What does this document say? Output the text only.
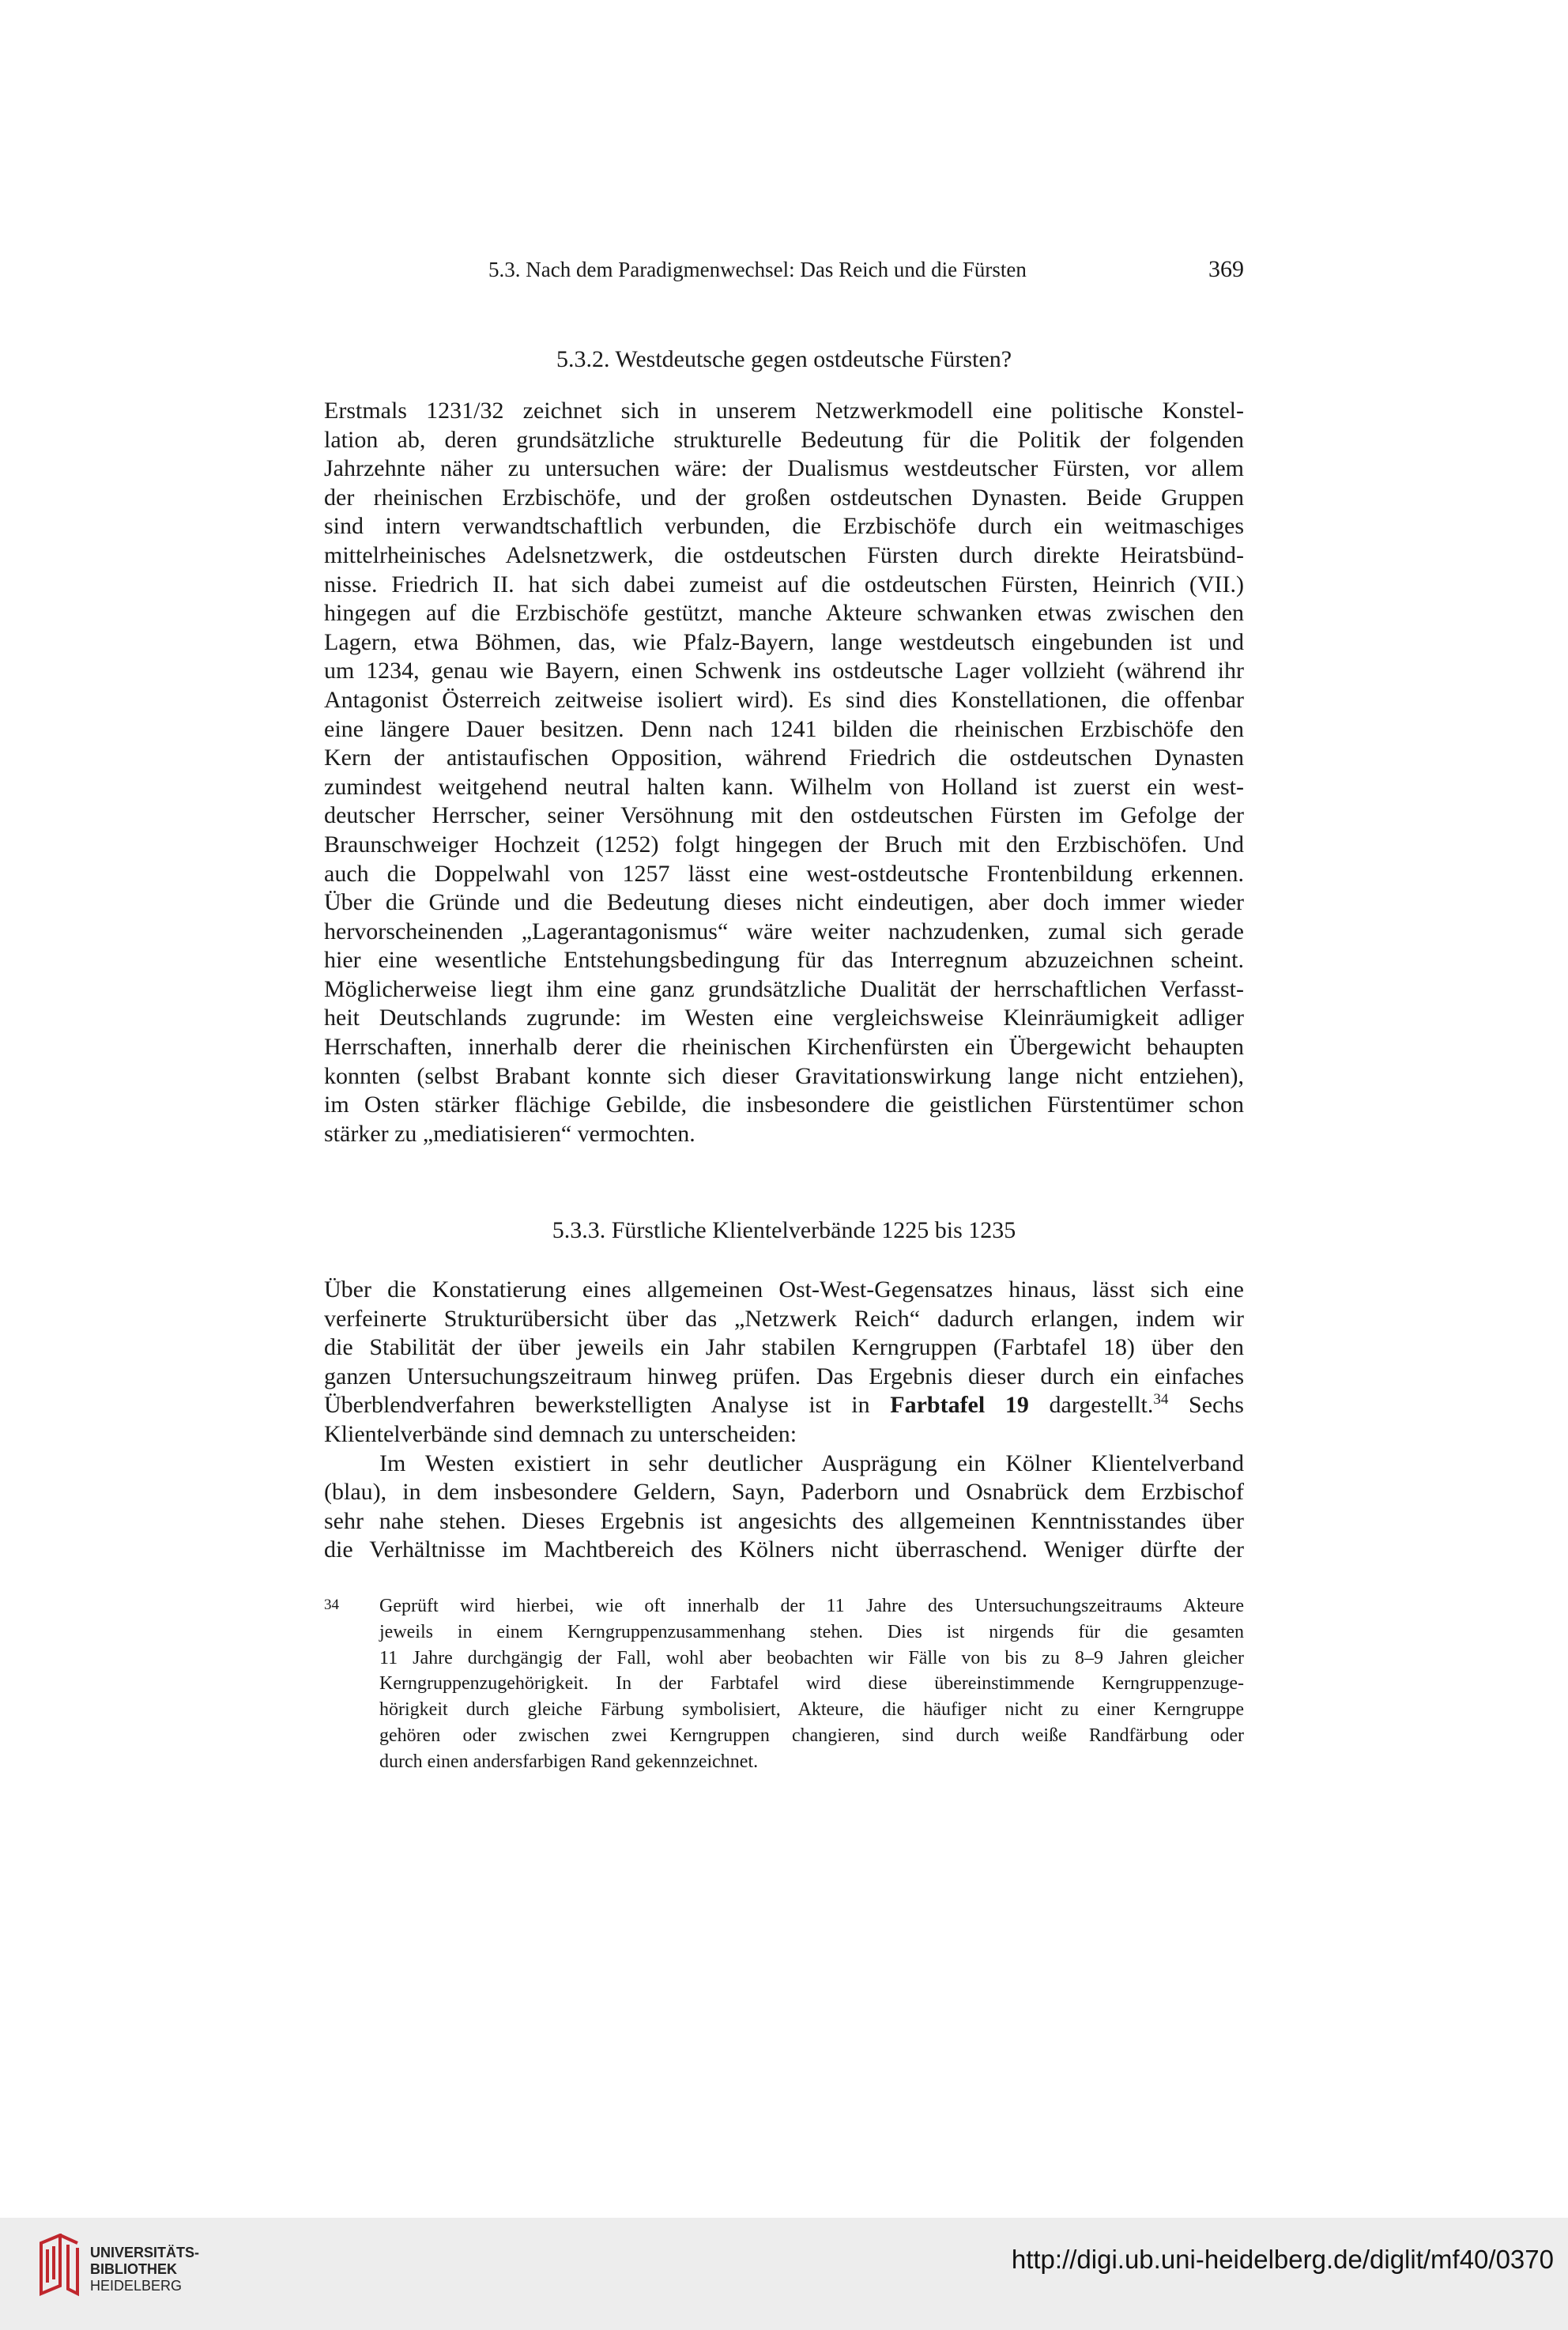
5.3. Nach dem Paradigmenwechsel: Das Reich und die Fürsten	369
5.3.2. Westdeutsche gegen ostdeutsche Fürsten?
Erstmals 1231/32 zeichnet sich in unserem Netzwerkmodell eine politische Konstel-
lation ab, deren grundsätzliche strukturelle Bedeutung für die Politik der folgenden
Jahrzehnte näher zu untersuchen wäre: der Dualismus westdeutscher Fürsten, vor allem
der rheinischen Erzbischöfe, und der großen ostdeutschen Dynasten. Beide Gruppen
sind intern verwandtschaftlich verbunden, die Erzbischöfe durch ein weitmaschiges
mittelrheinisches Adelsnetzwerk, die ostdeutschen Fürsten durch direkte Heiratsbünd-
nisse. Friedrich II. hat sich dabei zumeist auf die ostdeutschen Fürsten, Heinrich (VII.)
hingegen auf die Erzbischöfe gestützt, manche Akteure schwanken etwas zwischen den
Lagern, etwa Böhmen, das, wie Pfalz-Bayern, lange westdeutsch eingebunden ist und
um 1234, genau wie Bayern, einen Schwenk ins ostdeutsche Lager vollzieht (während ihr
Antagonist Österreich zeitweise isoliert wird). Es sind dies Konstellationen, die offenbar
eine längere Dauer besitzen. Denn nach 1241 bilden die rheinischen Erzbischöfe den
Kern der antistaufischen Opposition, während Friedrich die ostdeutschen Dynasten
zumindest weitgehend neutral halten kann. Wilhelm von Holland ist zuerst ein west-
deutscher Herrscher, seiner Versöhnung mit den ostdeutschen Fürsten im Gefolge der
Braunschweiger Hochzeit (1252) folgt hingegen der Bruch mit den Erzbischöfen. Und
auch die Doppelwahl von 1257 lässt eine west-ostdeutsche Frontenbildung erkennen.
Über die Gründe und die Bedeutung dieses nicht eindeutigen, aber doch immer wieder
hervorscheinenden „Lagerantagonismus“ wäre weiter nachzudenken, zumal sich gerade
hier eine wesentliche Entstehungsbedingung für das Interregnum abzuzeichnen scheint.
Möglicherweise liegt ihm eine ganz grundsätzliche Dualität der herrschaftlichen Verfasst-
heit Deutschlands zugrunde: im Westen eine vergleichsweise Kleinräumigkeit adliger
Herrschaften, innerhalb derer die rheinischen Kirchenfürsten ein Übergewicht behaupten
konnten (selbst Brabant konnte sich dieser Gravitationswirkung lange nicht entziehen),
im Osten stärker flächige Gebilde, die insbesondere die geistlichen Fürstentümer schon
stärker zu „mediatisieren“ vermochten.
5.3.3. Fürstliche Klientelverbände 1225 bis 1235
Über die Konstatierung eines allgemeinen Ost-West-Gegensatzes hinaus, lässt sich eine
verfeinerte Strukturübersicht über das „Netzwerk Reich“ dadurch erlangen, indem wir
die Stabilität der über jeweils ein Jahr stabilen Kerngruppen (Farbtafel 18) über den
ganzen Untersuchungszeitraum hinweg prüfen. Das Ergebnis dieser durch ein einfaches
Überblendverfahren bewerkstelligten Analyse ist in Farbtafel 19 dargestellt.$^{34}$ Sechs
Klientelverbände sind demnach zu unterscheiden:
Im Westen existiert in sehr deutlicher Ausprägung ein Kölner Klientelverband
(blau), in dem insbesondere Geldern, Sayn, Paderborn und Osnabrück dem Erzbischof
sehr nahe stehen. Dieses Ergebnis ist angesichts des allgemeinen Kenntnisstandes über
die Verhältnisse im Machtbereich des Kölners nicht überraschend. Weniger dürfte der
34 Geprüft wird hierbei, wie oft innerhalb der 11 Jahre des Untersuchungszeitraums Akteure
jeweils in einem Kerngruppenzusammenhang stehen. Dies ist nirgends für die gesamten
11 Jahre durchgängig der Fall, wohl aber beobachten wir Fälle von bis zu 8–9 Jahren gleicher
Kerngruppenzugehörigkeit. In der Farbtafel wird diese übereinstimmende Kerngruppenzuge-
hörigkeit durch gleiche Färbung symbolisiert, Akteure, die häufiger nicht zu einer Kerngruppe
gehören oder zwischen zwei Kerngruppen changieren, sind durch weiße Randfärbung oder
durch einen andersfarbigen Rand gekennzeichnet.
UNIVERSITÄTS-
BIBLIOTHEK
HEIDELBERG
http://digi.ub.uni-heidelberg.de/diglit/mf40/0370
